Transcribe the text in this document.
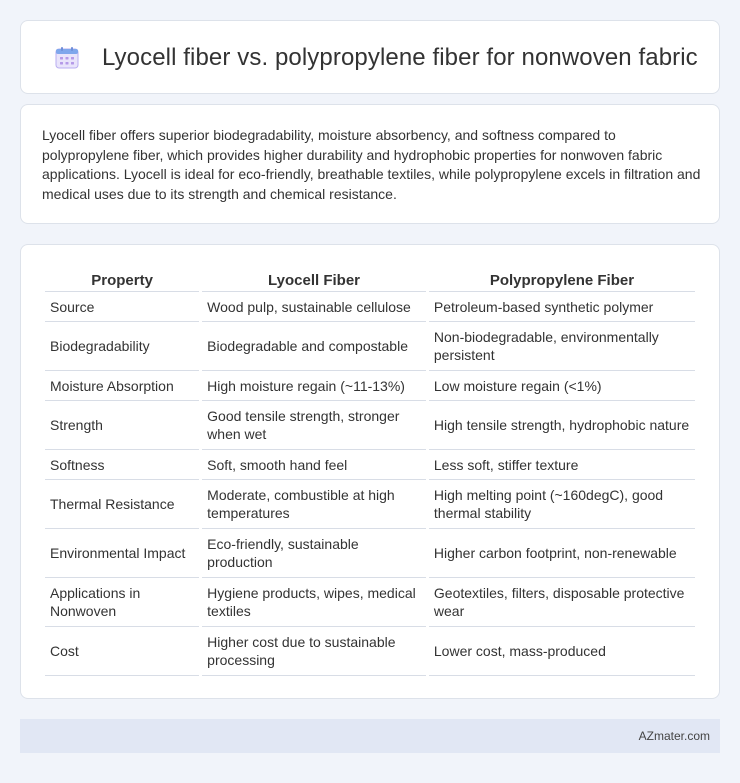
Lyocell fiber vs. polypropylene fiber for nonwoven fabric

Lyocell fiber offers superior biodegradability, moisture absorbency, and softness compared to polypropylene fiber, which provides higher durability and hydrophobic properties for nonwoven fabric applications. Lyocell is ideal for eco-friendly, breathable textiles, while polypropylene excels in filtration and medical uses due to its strength and chemical resistance.

Property	Lyocell Fiber	Polypropylene Fiber
Source	Wood pulp, sustainable cellulose	Petroleum-based synthetic polymer
Biodegradability	Biodegradable and compostable	Non-biodegradable, environmentally persistent
Moisture Absorption	High moisture regain (~11-13%)	Low moisture regain (<1%)
Strength	Good tensile strength, stronger when wet	High tensile strength, hydrophobic nature
Softness	Soft, smooth hand feel	Less soft, stiffer texture
Thermal Resistance	Moderate, combustible at high temperatures	High melting point (~160degC), good thermal stability
Environmental Impact	Eco-friendly, sustainable production	Higher carbon footprint, non-renewable
Applications in Nonwoven	Hygiene products, wipes, medical textiles	Geotextiles, filters, disposable protective wear
Cost	Higher cost due to sustainable processing	Lower cost, mass-produced
AZmater.com
